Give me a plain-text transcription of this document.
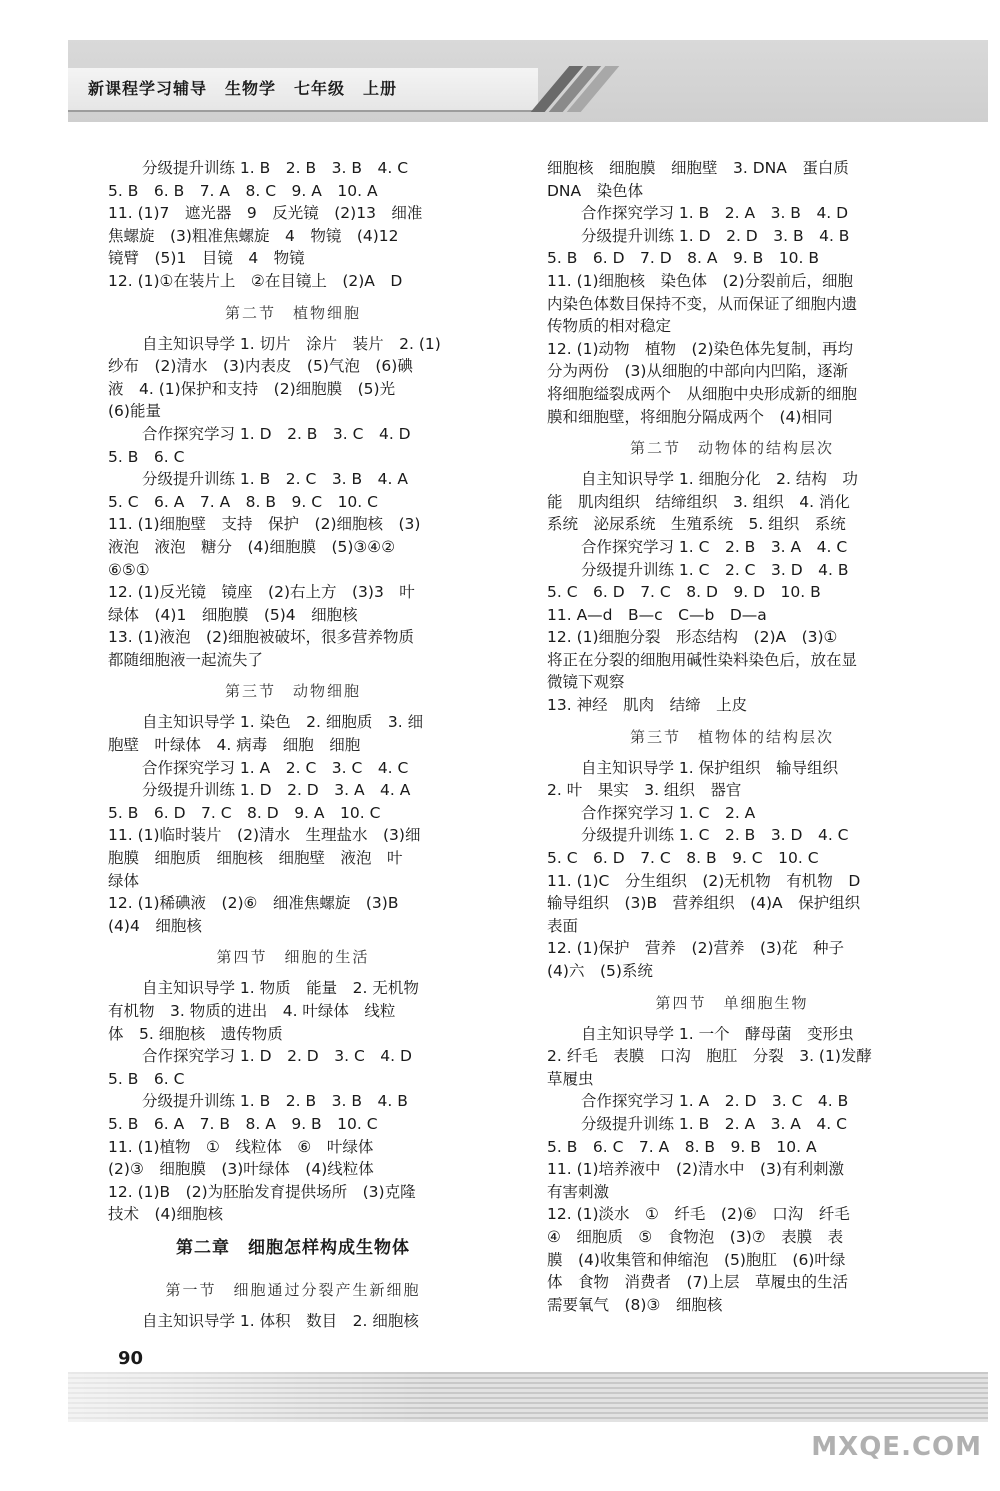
新课程学习辅导 生物学 七年级 上册
分级提升训练 1. B　2. B　3. B　4. C
5. B　6. B　7. A　8. C　9. A　10. A
11. (1)7　遮光器　9　反光镜　(2)13　细准
焦螺旋　(3)粗准焦螺旋　4　物镜　(4)12
镜臂　(5)1　目镜　4　物镜
12. (1)①在装片上　②在目镜上　(2)A　D
第二节　植物细胞
自主知识导学 1. 切片　涂片　装片　2. (1)
纱布　(2)清水　(3)内表皮　(5)气泡　(6)碘
液　4. (1)保护和支持　(2)细胞膜　(5)光
(6)能量
合作探究学习 1. D　2. B　3. C　4. D
5. B　6. C
分级提升训练 1. B　2. C　3. B　4. A
5. C　6. A　7. A　8. B　9. C　10. C
11. (1)细胞壁　支持　保护　(2)细胞核　(3)
液泡　液泡　糖分　(4)细胞膜　(5)③④②
⑥⑤①
12. (1)反光镜　镜座　(2)右上方　(3)3　叶
绿体　(4)1　细胞膜　(5)4　细胞核
13. (1)液泡　(2)细胞被破坏，很多营养物质
都随细胞液一起流失了
第三节　动物细胞
自主知识导学 1. 染色　2. 细胞质　3. 细
胞壁　叶绿体　4. 病毒　细胞　细胞
合作探究学习 1. A　2. C　3. C　4. C
分级提升训练 1. D　2. D　3. A　4. A
5. B　6. D　7. C　8. D　9. A　10. C
11. (1)临时装片　(2)清水　生理盐水　(3)细
胞膜　细胞质　细胞核　细胞壁　液泡　叶
绿体
12. (1)稀碘液　(2)⑥　细准焦螺旋　(3)B
(4)4　细胞核
第四节　细胞的生活
自主知识导学 1. 物质　能量　2. 无机物
有机物　3. 物质的进出　4. 叶绿体　线粒
体　5. 细胞核　遗传物质
合作探究学习 1. D　2. D　3. C　4. D
5. B　6. C
分级提升训练 1. B　2. B　3. B　4. B
5. B　6. A　7. B　8. A　9. B　10. C
11. (1)植物　①　线粒体　⑥　叶绿体
(2)③　细胞膜　(3)叶绿体　(4)线粒体
12. (1)B　(2)为胚胎发育提供场所　(3)克隆
技术　(4)细胞核
第二章　细胞怎样构成生物体
第一节　细胞通过分裂产生新细胞
自主知识导学 1. 体积　数目　2. 细胞核
细胞核　细胞膜　细胞壁　3. DNA　蛋白质
DNA　染色体
合作探究学习 1. B　2. A　3. B　4. D
分级提升训练 1. D　2. D　3. B　4. B
5. B　6. D　7. D　8. A　9. B　10. B
11. (1)细胞核　染色体　(2)分裂前后，细胞
内染色体数目保持不变，从而保证了细胞内遗
传物质的相对稳定
12. (1)动物　植物　(2)染色体先复制，再均
分为两份　(3)从细胞的中部向内凹陷，逐渐
将细胞缢裂成两个　从细胞中央形成新的细胞
膜和细胞壁，将细胞分隔成两个　(4)相同
第二节　动物体的结构层次
自主知识导学 1. 细胞分化　2. 结构　功
能　肌肉组织　结缔组织　3. 组织　4. 消化
系统　泌尿系统　生殖系统　5. 组织　系统
合作探究学习 1. C　2. B　3. A　4. C
分级提升训练 1. C　2. C　3. D　4. B
5. C　6. D　7. C　8. D　9. D　10. B
11. A—d　B—c　C—b　D—a
12. (1)细胞分裂　形态结构　(2)A　(3)①
将正在分裂的细胞用碱性染料染色后，放在显
微镜下观察
13. 神经　肌肉　结缔　上皮
第三节　植物体的结构层次
自主知识导学 1. 保护组织　输导组织
2. 叶　果实　3. 组织　器官
合作探究学习 1. C　2. A
分级提升训练 1. C　2. B　3. D　4. C
5. C　6. D　7. C　8. B　9. C　10. C
11. (1)C　分生组织　(2)无机物　有机物　D
输导组织　(3)B　营养组织　(4)A　保护组织
表面
12. (1)保护　营养　(2)营养　(3)花　种子
(4)六　(5)系统
第四节　单细胞生物
自主知识导学 1. 一个　酵母菌　变形虫
2. 纤毛　表膜　口沟　胞肛　分裂　3. (1)发酵
草履虫
合作探究学习 1. A　2. D　3. C　4. B
分级提升训练 1. B　2. A　3. A　4. C
5. B　6. C　7. A　8. B　9. B　10. A
11. (1)培养液中　(2)清水中　(3)有利刺激
有害刺激
12. (1)淡水　①　纤毛　(2)⑥　口沟　纤毛
④　细胞质　⑤　食物泡　(3)⑦　表膜　表
膜　(4)收集管和伸缩泡　(5)胞肛　(6)叶绿
体　食物　消费者　(7)上层　草履虫的生活
需要氧气　(8)③　细胞核
90
MXQE.COM
